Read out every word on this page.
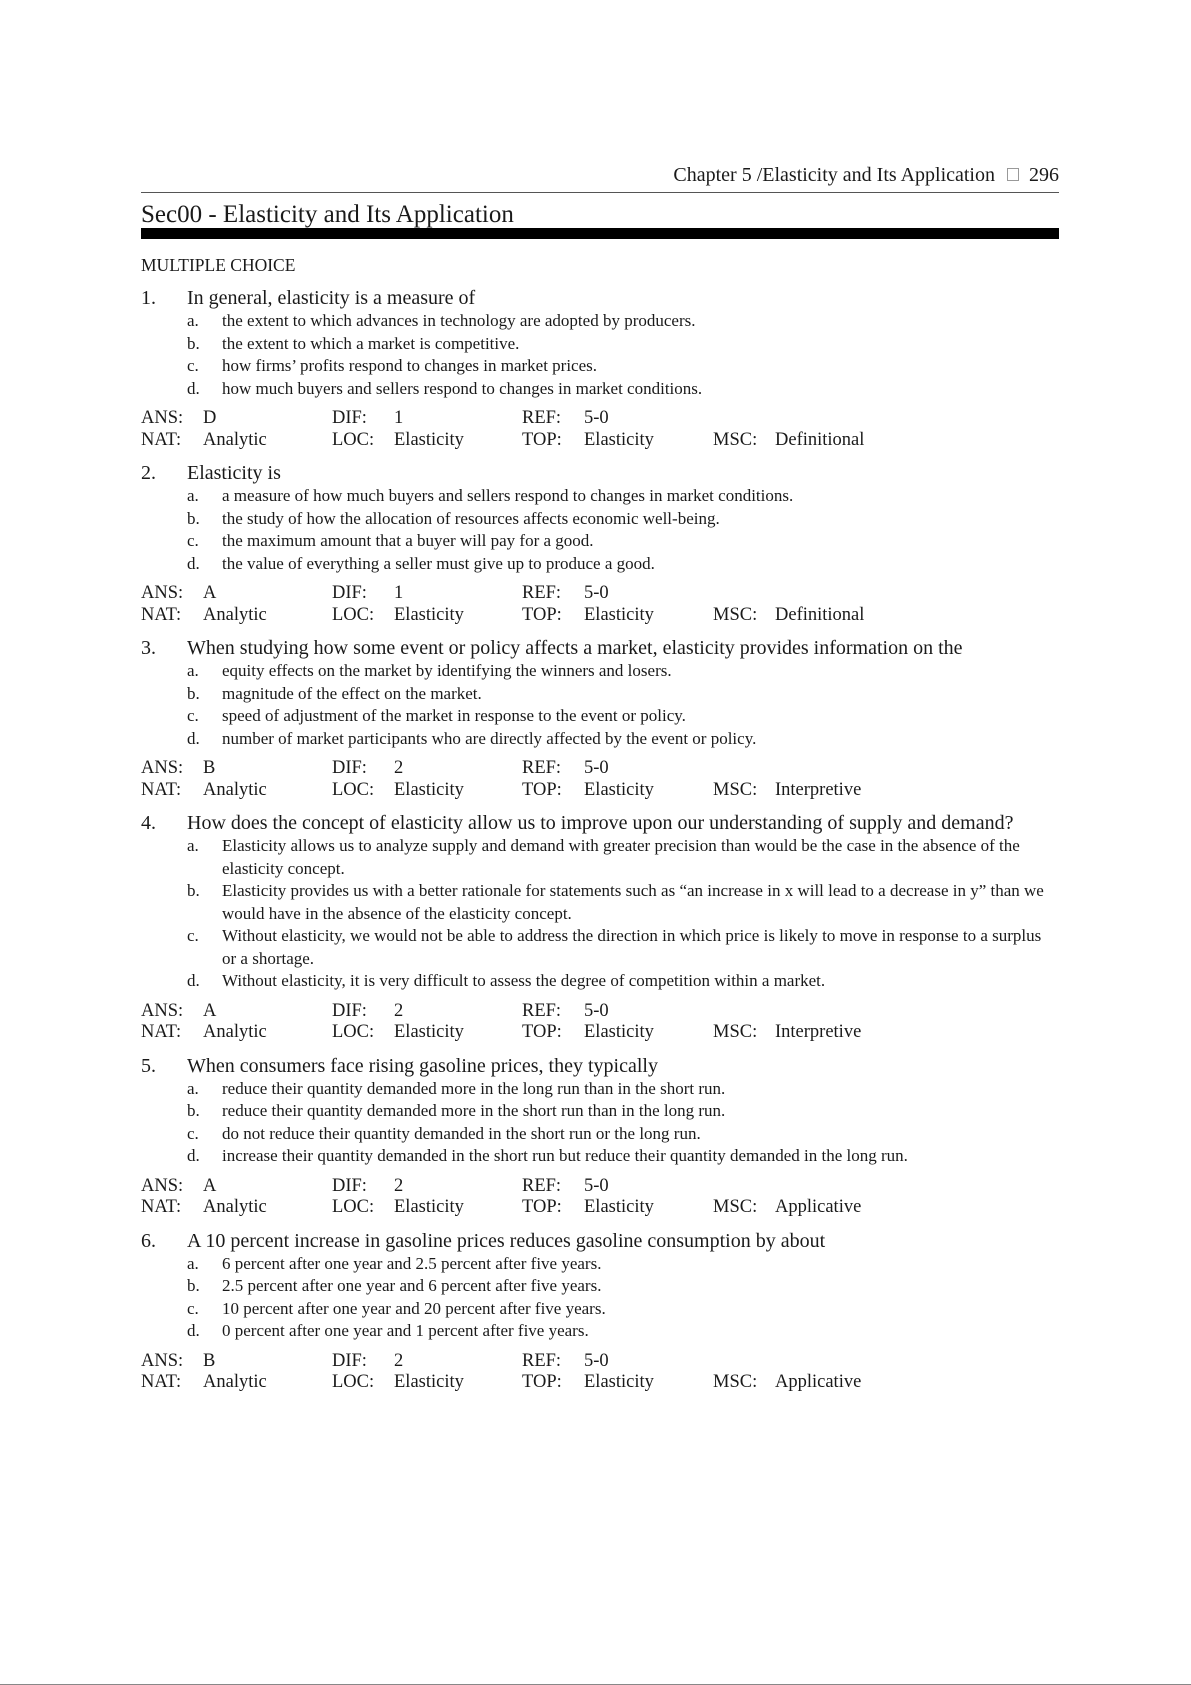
Chapter 5 /Elasticity and Its Application 296
Sec00 - Elasticity and Its Application
MULTIPLE CHOICE
1.	In general, elasticity is a measure of
a.	the extent to which advances in technology are adopted by producers.
b.	the extent to which a market is competitive.
c.	how firms’ profits respond to changes in market prices.
d.	how much buyers and sellers respond to changes in market conditions.
ANS:	D	DIF:	1	REF:	5-0
NAT:	Analytic	LOC:	Elasticity	TOP:	Elasticity	MSC: Definitional
2.	Elasticity is
a.	a measure of how much buyers and sellers respond to changes in market conditions.
b.	the study of how the allocation of resources affects economic well-being.
c.	the maximum amount that a buyer will pay for a good.
d.	the value of everything a seller must give up to produce a good.
ANS:	A	DIF:	1	REF:	5-0
NAT:	Analytic	LOC:	Elasticity	TOP:	Elasticity	MSC: Definitional
3.	When studying how some event or policy affects a market, elasticity provides information on the
a.	equity effects on the market by identifying the winners and losers.
b.	magnitude of the effect on the market.
c.	speed of adjustment of the market in response to the event or policy.
d.	number of market participants who are directly affected by the event or policy.
ANS:	B	DIF:	2	REF:	5-0
NAT:	Analytic	LOC:	Elasticity	TOP:	Elasticity	MSC: Interpretive
4.	How does the concept of elasticity allow us to improve upon our understanding of supply and demand?
a.	Elasticity allows us to analyze supply and demand with greater precision than would be the case in the absence of the elasticity concept.
b.	Elasticity provides us with a better rationale for statements such as “an increase in x will lead to a decrease in y” than we would have in the absence of the elasticity concept.
c.	Without elasticity, we would not be able to address the direction in which price is likely to move in response to a surplus or a shortage.
d.	Without elasticity, it is very difficult to assess the degree of competition within a market.
ANS:	A	DIF:	2	REF:	5-0
NAT:	Analytic	LOC:	Elasticity	TOP:	Elasticity	MSC: Interpretive
5.	When consumers face rising gasoline prices, they typically
a.	reduce their quantity demanded more in the long run than in the short run.
b.	reduce their quantity demanded more in the short run than in the long run.
c.	do not reduce their quantity demanded in the short run or the long run.
d.	increase their quantity demanded in the short run but reduce their quantity demanded in the long run.
ANS:	A	DIF:	2	REF:	5-0
NAT:	Analytic	LOC:	Elasticity	TOP:	Elasticity	MSC: Applicative
6.	A 10 percent increase in gasoline prices reduces gasoline consumption by about
a.	6 percent after one year and 2.5 percent after five years.
b.	2.5 percent after one year and 6 percent after five years.
c.	10 percent after one year and 20 percent after five years.
d.	0 percent after one year and 1 percent after five years.
ANS:	B	DIF:	2	REF:	5-0
NAT:	Analytic	LOC:	Elasticity	TOP:	Elasticity	MSC: Applicative
